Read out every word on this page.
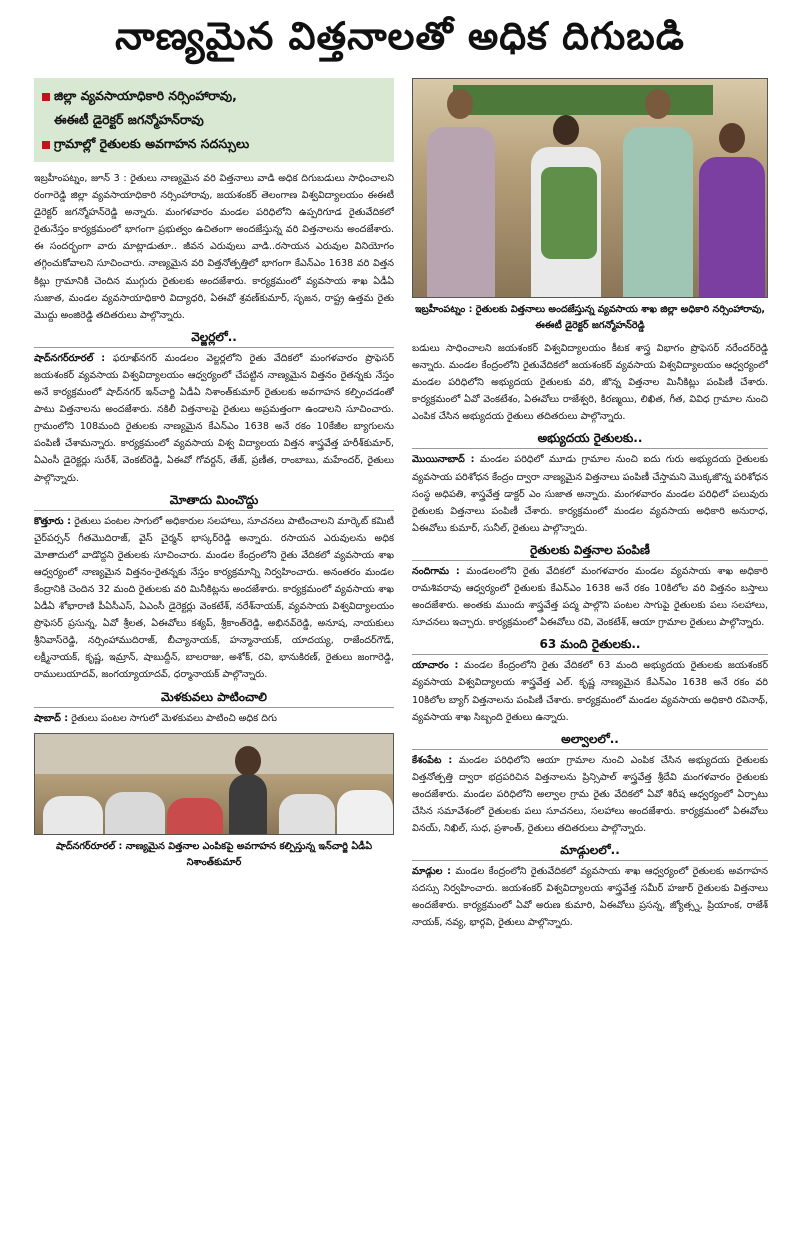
నాణ్యమైన విత్తనాలతో అధిక దిగుబడి
జిల్లా వ్యవసాయాధికారి నర్సింహారావు,
ఈఈటీ డైరెక్టర్ జగన్మోహన్‌రావు
గ్రామాల్లో రైతులకు అవగాహన సదస్సులు

ఇబ్రహీంపట్నం, జూన్ 3 : రైతులు నాణ్యమైన వరి విత్తనాలు వాడి అధిక దిగుబడులు సాధించాలని రంగారెడ్డి జిల్లా వ్యవసాయాధికారి నర్సింహారావు, జయశంకర్ తెలంగాణ విశ్వవిద్యాలయం ఈఈటీ డైరెక్టర్ జగన్మోహన్‌రెడ్డి అన్నారు. మంగళవారం మండల పరిధిలోని ఉప్పరిగూడ రైతువేదికలో రైతునేస్తం కార్యక్రమంలో భాగంగా ప్రభుత్వం ఉచితంగా అందజేస్తున్న వరి విత్తనాలను అందజేశారు. ఈ సందర్భంగా వారు మాట్లాడుతూ.. జీవన ఎరువులు వాడి..రసాయన ఎరువుల వినియోగం తగ్గించుకోవాలని సూచించారు. నాణ్యమైన వరి విత్తనోత్పత్తిలో భాగంగా కేఎన్ఎం 1638 వరి విత్తన కిట్లు గ్రామానికి చెందిన ముగ్గురు రైతులకు అందజేశారు. కార్యక్రమంలో వ్యవసాయ శాఖ ఏడీఏ సుజాత, మండల వ్యవసాయాధికారి విద్యాధరి, ఏఈవో శ్రవణ్‌కుమార్, సృజన, రాష్ట్ర ఉత్తమ రైతు మొద్దు అంజిరెడ్డి తదితరులు పాల్గొన్నారు.

వెల్జర్లలో..

షాద్‌నగర్‌రూరల్ : ఫరూఖ్‌నగర్ మండలం వెల్జర్లలోని రైతు వేదికలో మంగళవారం ప్రొఫెసర్ జయశంకర్ వ్యవసాయ విశ్వవిద్యాలయం ఆధ్వర్యంలో చేపట్టిన నాణ్యమైన విత్తనం రైతన్నకు నేస్తం అనే కార్యక్రమంలో షాద్‌నగర్ ఇన్‌చార్జి ఏడీఏ నిశాంత్‌కుమార్ రైతులకు అవగాహన కల్పించడంతో పాటు విత్తనాలను అందజేశారు. నకిలీ విత్తనాలపై రైతులు అప్రమత్తంగా ఉండాలని సూచించారు. గ్రామంలోని 108మంది రైతులకు నాణ్యమైన కేఎన్ఎం 1638 అనే రకం 10కేజీల బ్యాగులను పంపిణీ చేశామన్నారు. కార్యక్రమంలో వ్యవసాయ విశ్వ విద్యాలయ విత్తన శాస్త్రవేత్త హరీశ్‌కుమార్, ఏఎంసీ డైరెక్టర్లు సురేశ్, వెంకట్‌రెడ్డి, ఏఈవో గోవర్దన్, తేజ్, ప్రణీత, రాంబాబు, మహేందర్, రైతులు పాల్గొన్నారు.

మోతాదు మించొద్దు

కొత్తూరు : రైతులు పంటల సాగులో అధికారుల సలహాలు, సూచనలు పాటించాలని మార్కెట్ కమిటీ చైర్‌పర్సన్ గీతమొదిరాజ్, వైస్ చైర్మన్ భాస్కర్‌రెడ్డి అన్నారు. రసాయన ఎరువులను అధిక మోతాదులో వాడొద్దని రైతులకు సూచించారు. మండల కేంద్రంలోని రైతు వేదికలో వ్యవసాయ శాఖ ఆధ్వర్యంలో నాణ్యమైన విత్తనం-రైతన్నకు నేస్తం కార్యక్రమాన్ని నిర్వహించారు. అనంతరం మండల కేంద్రానికి చెందిన 32 మంది రైతులకు వరి మినీకిట్లను అందజేశారు. కార్యక్రమంలో వ్యవసాయ శాఖ ఏడీఏ శోభారాణి పీఏసీఎస్, ఏఎంసీ డైరెక్టర్లు వెంకటేశ్, నరేశ్‌నాయక్, వ్యవసాయ విశ్వవిద్యాలయం ప్రొఫెసర్ ప్రసున్న, ఏవో శ్రీలత, ఏఈవోలు కశ్యప్, శ్రీకాంత్‌రెడ్డి, అభినవ్‌రెడ్డి, అనూష, నాయకులు శ్రీనివాస్‌రెడ్డి, నర్సింహాముదిరాజ్, బీచ్యానాయక్, హన్మానాయక్, యాదయ్య, రాజేందర్‌గౌడ్, లక్ష్మీనాయక్, కృష్ణ, ఇమ్రాన్, షాబుద్దీన్, బాలరాజు, అశోక్, రవి, భానుకిరణ్, రైతులు జంగారెడ్డి, రాములుయాదవ్, జంగయ్యాయాదవ్, ధర్మానాయక్ పాల్గొన్నారు.

మెళకువలు పాటించాలి

షాబాద్ : రైతులు పంటల సాగులో మెళకువలు పాటించి అధిక దిగు

షాద్‌నగర్‌రూరల్ : నాణ్యమైన విత్తనాల ఎంపికపై అవగాహన కల్పిస్తున్న ఇన్‌చార్జి ఏడీఏ నిశాంత్‌కుమార్
ఇబ్రహీంపట్నం : రైతులకు విత్తనాలు అందజేస్తున్న వ్యవసాయ శాఖ జిల్లా అధికారి నర్సింహారావు, ఈఈటీ డైరెక్టర్ జగన్మోహన్‌రెడ్డి

బడులు సాధించాలని జయశంకర్ విశ్వవిద్యాలయం కీటక శాస్త్ర విభాగం ప్రొఫెసర్ నరేందర్‌రెడ్డి అన్నారు. మండల కేంద్రంలోని రైతువేదికలో జయశంకర్ వ్యవసాయ విశ్వవిద్యాలయం ఆధ్వర్యంలో మండల పరిధిలోని అభ్యుదయ రైతులకు వరి, జొన్న విత్తనాల మినీకిట్లు పంపిణీ చేశారు. కార్యక్రమంలో ఏవో వెంకటేశం, ఏఈవోలు రాజేశ్వరి, కిరణ్మయి, లిఖిత, గీత, వివిధ గ్రామాల నుంచి ఎంపిక చేసిన అభ్యుదయ రైతులు తదితరులు పాల్గొన్నారు.

అభ్యుదయ రైతులకు..

మొయినాబాద్ : మండల పరిధిలో మూడు గ్రామాల నుంచి ఐదు గురు అభ్యుదయ రైతులకు వ్యవసాయ పరిశోధన కేంద్రం ద్వారా నాణ్యమైన విత్తనాలు పంపిణీ చేస్తామని మొక్కజొన్న పరిశోధన సంస్థ అధిపతి, శాస్త్రవేత్త డాక్టర్ ఎం సుజాత అన్నారు. మంగళవారం మండల పరిధిలో పలువురు రైతులకు విత్తనాలు పంపిణీ చేశారు. కార్యక్రమంలో మండల వ్యవసాయ అధికారి అనురాధ, ఏఈవోలు కుమార్, సునీల్, రైతులు పాల్గొన్నారు.

రైతులకు విత్తనాల పంపిణీ

నందిగామ : మండలంలోని రైతు వేదికలో మంగళవారం మండల వ్యవసాయ శాఖ అధికారి రామశివరావు ఆధ్వర్యంలో రైతులకు కేఎన్ఎం 1638 అనే రకం 10కిలోల వరి విత్తనం బస్తాలు అందజేశారు. అంతకు ముందు శాస్త్రవేత్త పద్మ పాల్గొని పంటల సాగుపై రైతులకు పలు సలహాలు, సూచనలు ఇచ్చారు. కార్యక్రమంలో ఏఈవోలు రవి, వెంకటేశ్, ఆయా గ్రామాల రైతులు పాల్గొన్నారు.

63 మంది రైతులకు..

యాచారం : మండల కేంద్రంలోని రైతు వేదికలో 63 మంది అభ్యుదయ రైతులకు జయశంకర్ వ్యవసాయ విశ్వవిద్యాలయ శాస్త్రవేత్త ఎల్. కృష్ణ నాణ్యమైన కేఎన్ఎం 1638 అనే రకం వరి 10కిలోల బ్యాగ్ విత్తనాలను పంపిణీ చేశారు. కార్యక్రమంలో మండల వ్యవసాయ అధికారి రవినాథ్, వ్యవసాయ శాఖ సిబ్బంది రైతులు ఉన్నారు.

అల్వాలలో..

కేశంపేట : మండల పరిధిలోని ఆయా గ్రామాల నుంచి ఎంపిక చేసిన అభ్యుదయ రైతులకు విత్తనోత్పత్తి ద్వారా భద్రపరిచిన విత్తనాలను ప్రిన్సిపాల్ శాస్త్రవేత్త శ్రీదేవి మంగళవారం రైతులకు అందజేశారు. మండల పరిధిలోని అల్వాల గ్రామ రైతు వేదికలో ఏవో శిరీష ఆధ్వర్యంలో ఏర్పాటు చేసిన సమావేశంలో రైతులకు పలు సూచనలు, సలహాలు అందజేశారు. కార్యక్రమంలో ఏఈవోలు వినయ్, నిఖిల్, సుధ, ప్రశాంత్, రైతులు తదితరులు పాల్గొన్నారు.

మాడ్గులలో..

మాడ్గుల : మండల కేంద్రంలోని రైతువేదికలో వ్యవసాయ శాఖ ఆధ్వర్యంలో రైతులకు అవగాహన సదస్సు నిర్వహించారు. జయశంకర్ విశ్వవిద్యాలయ శాస్త్రవేత్త సమీర్ హజార్ రైతులకు విత్తనాలు అందజేశారు. కార్యక్రమంలో ఏవో అరుణ కుమారి, ఏఈవోలు ప్రసన్న, జ్యోత్స్న, ప్రియాంక, రాజేశ్ నాయక్, నవ్య, భార్గవి, రైతులు పాల్గొన్నారు.
